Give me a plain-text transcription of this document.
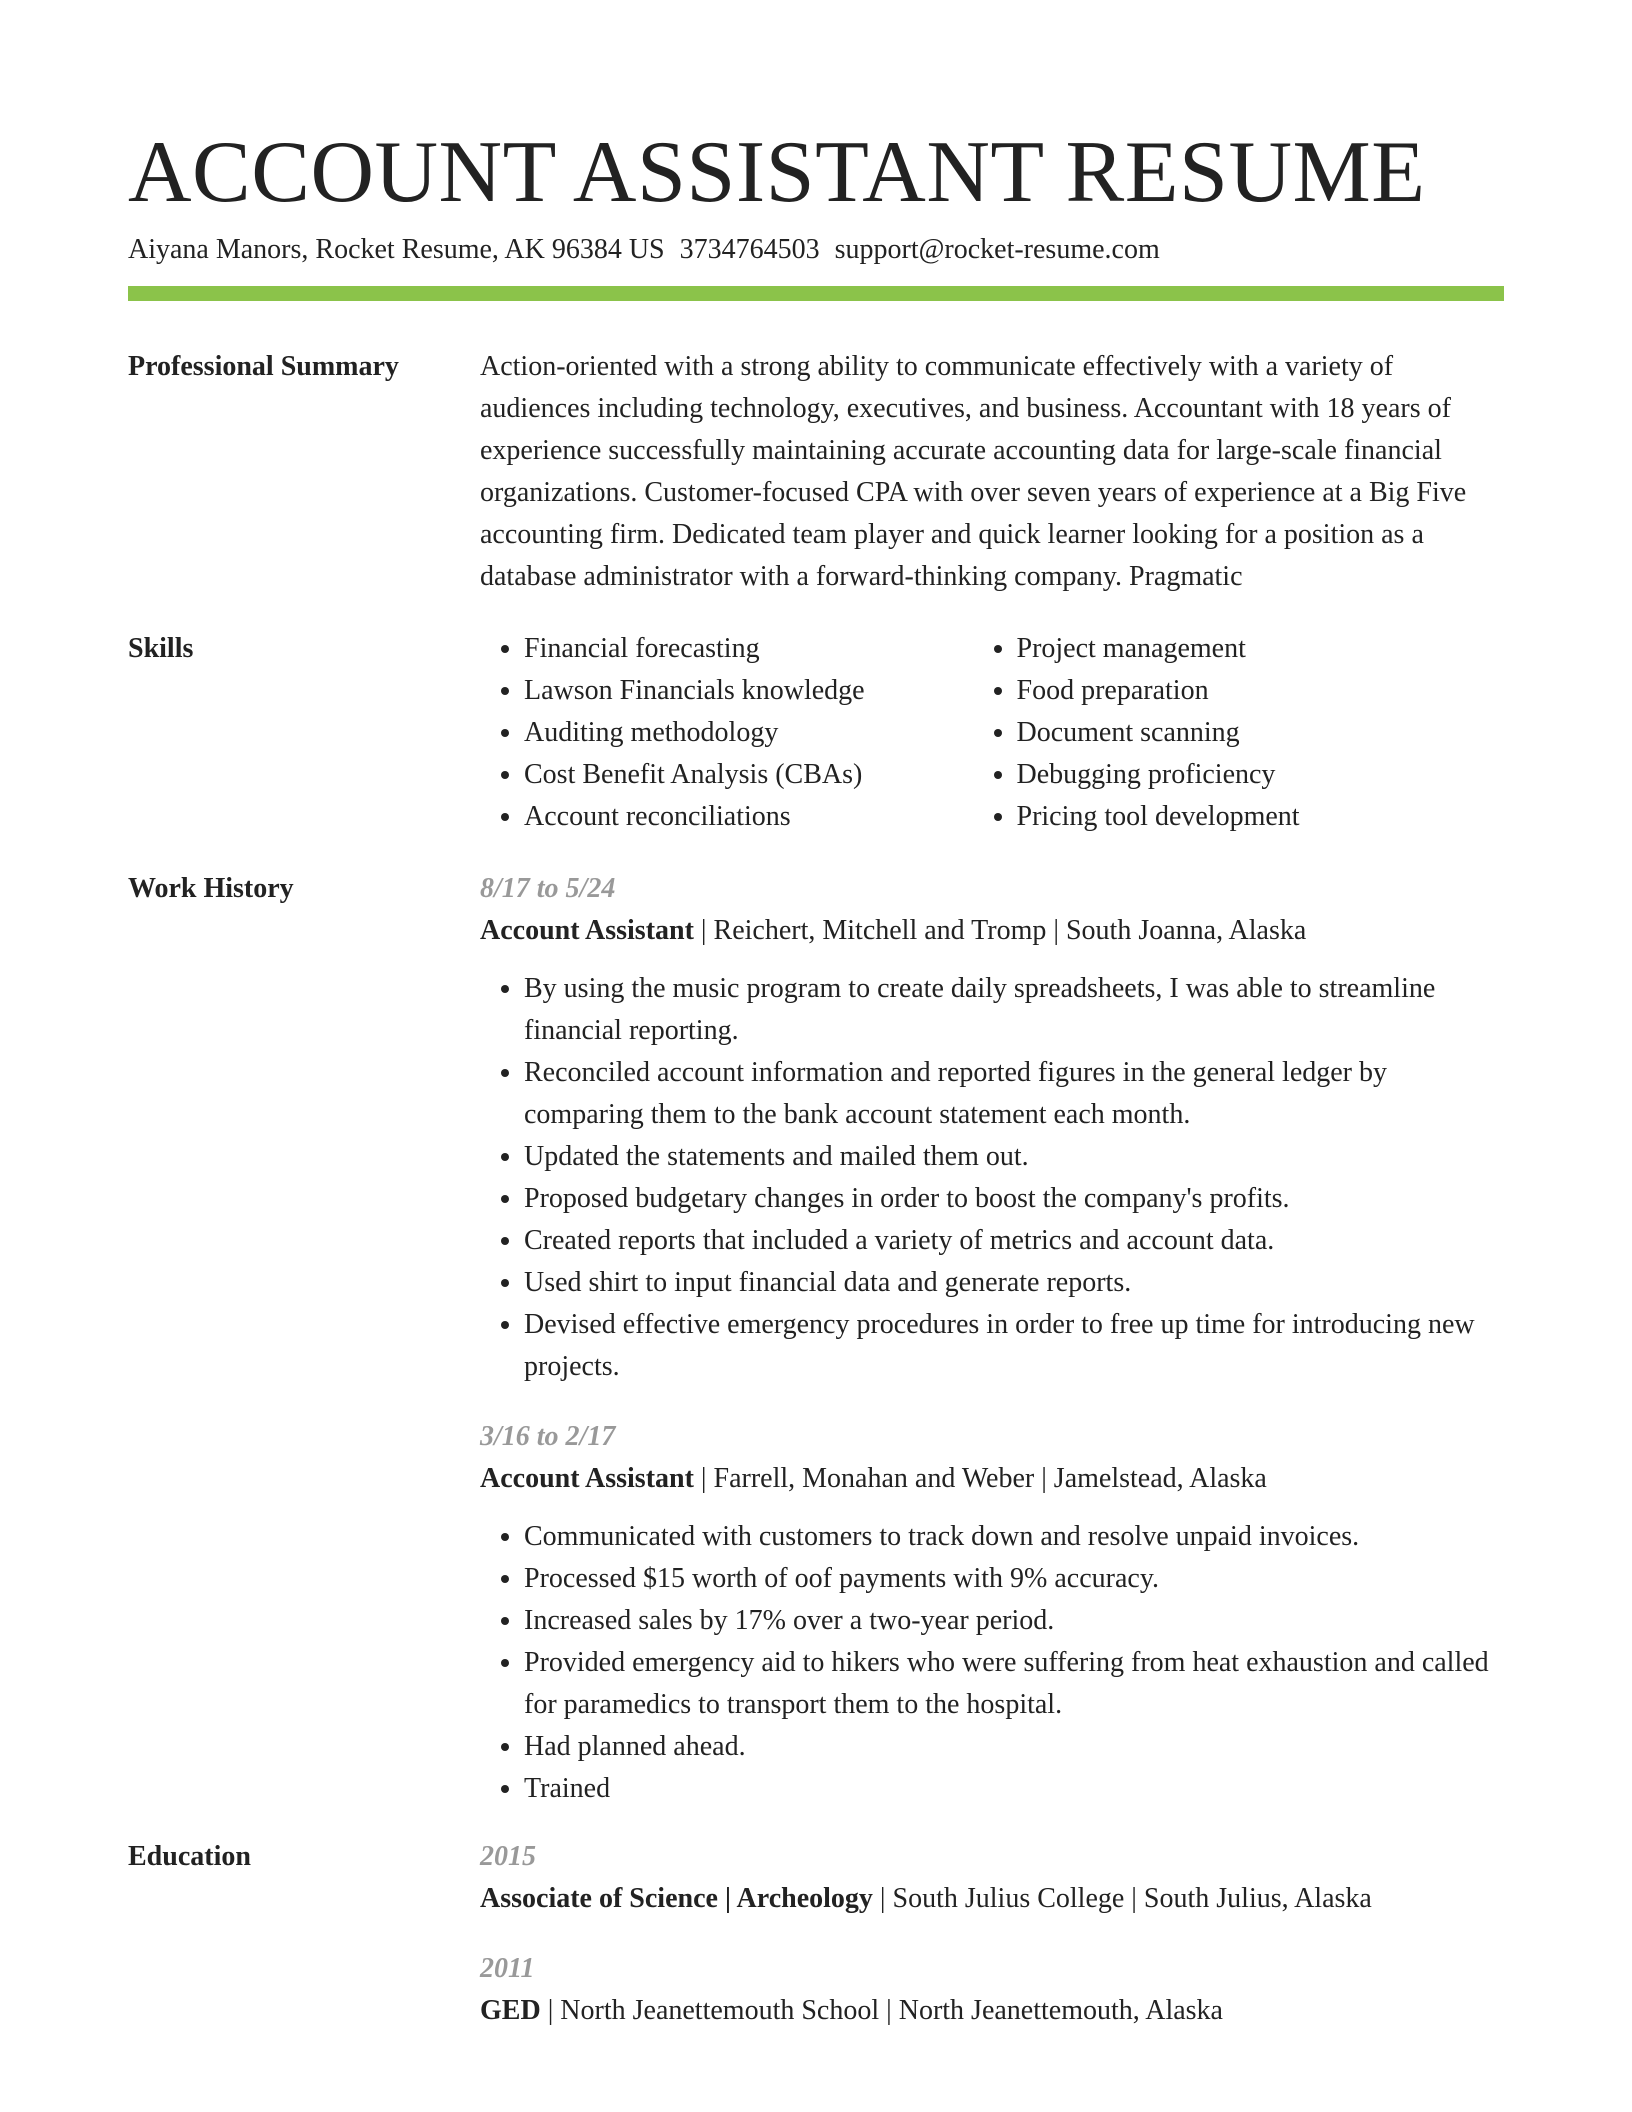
ACCOUNT ASSISTANT RESUME
Aiyana Manors, Rocket Resume, AK 96384 US 3734764503 support@rocket-resume.com
Professional Summary	Action-oriented with a strong ability to communicate effectively with a variety of audiences including technology, executives, and business. Accountant with 18 years of experience successfully maintaining accurate accounting data for large-scale financial organizations. Customer-focused CPA with over seven years of experience at a Big Five accounting firm. Dedicated team player and quick learner looking for a position as a database administrator with a forward-thinking company. Pragmatic

Skills
•	Financial forecasting
• Lawson Financials knowledge
• Auditing methodology
• Cost Benefit Analysis (CBAs)
• Account reconciliations
• Project management
• Food preparation
• Document scanning
• Debugging proficiency
• Pricing tool development
Work History	8/17 to 5/24
Account Assistant | Reichert, Mitchell and Tromp | South Joanna, Alaska
• By using the music program to create daily spreadsheets, I was able to streamline financial reporting.
• Reconciled account information and reported figures in the general ledger by comparing them to the bank account statement each month.
• Updated the statements and mailed them out.
• Proposed budgetary changes in order to boost the company's profits.
• Created reports that included a variety of metrics and account data.
• Used shirt to input financial data and generate reports.
• Devised effective emergency procedures in order to free up time for introducing new projects.
3/16 to 2/17
Account Assistant | Farrell, Monahan and Weber | Jamelstead, Alaska
• Communicated with customers to track down and resolve unpaid invoices.
• Processed $15 worth of oof payments with 9% accuracy.
• Increased sales by 17% over a two-year period.
• Provided emergency aid to hikers who were suffering from heat exhaustion and called for paramedics to transport them to the hospital.
• Had planned ahead.
• Trained
Education	2015
Associate of Science | Archeology | South Julius College | South Julius, Alaska
2011
GED | North Jeanettemouth School | North Jeanettemouth, Alaska
